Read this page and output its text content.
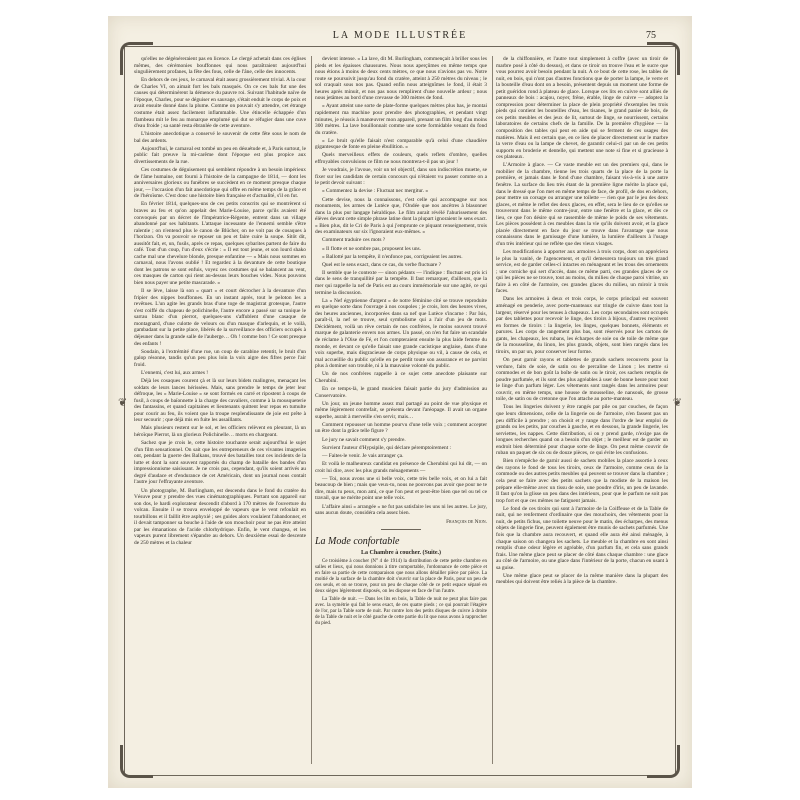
LA MODE ILLUSTRÉE	75
❦	❦

qu'elles ne dégénéreraient pas en licence. Le clergé achetait dans ces églises mêmes, des cérémonies bouffonnes qui nous paraîtraient aujourd'hui singulièrement profanes, la fête des fous, celle de l'âne, celle des innocents.

En dehors de ces jeux, le carnaval était assez grossièrement trivial. A la cour de Charles VI, on aimait fort les bals masqués. On ce ces bals fut une des causes qui déterminèrent la démence du pauvre roi. Suivant l'habitude naïve de l'époque, Charles, pour se déguiser en sauvage, s'était enduit le corps de poix et avait ensuite donné dans la plume. Comme on pouvait s'y attendre, cet étrange costume était assez facilement inflammable. Une étincelle échappée d'un flambeau mit le feu au monarque emplumé qui dut se réfugier dans une cuve d'eau froide ; sa santé resta ébranlée de cette aventure.

L'histoire anecdotique a conservé le souvenir de cette fête sous le nom de bal des ardents.

Aujourd'hui, le carnaval est tombé un peu en désuétude et, à Paris surtout, le public fait preuve la mi-carême dont l'époque est plus propice aux divertissements de la rue.

Ces costumes de déguisement qui semblent répondre à un besoin impérieux de l'âme humaine, ont fourni à l'histoire de la campagne de 1814, — dont les anniversaires glorieux ou funèbres se succèdent en ce moment presque chaque jour, — l'occasion d'un fait anecdotique qui offre en même temps de la grâce et de l'héroïsme. C'est donc une histoire bien française et d'actualité, s'il en fut.

En février 1814, quelques-uns de ces petits conscrits qui se montrèrent si braves au feu et qu'on appelait des Marie-Louise, parce qu'ils avaient été convoqués par un décret de l'Impératrice-Régente, entrent dans un village abandonné par ses habitants. L'attaque incessante de l'ennemi semble s'être ralentie ; on n'entend plus le canon de Blücher, on ne voit pas de cosaques à l'horizon. On va pouvoir se reposer un peu et faire cuire la soupe. Sitôt dit, aussitôt fait, et, un, fusils, après ce repas, quelques sybarites partent de faire du café. Tout d'un coup, l'un d'eux s'écrie : « Il est tout jeune, et son lourd shako cache mal une chevelure blonde, presque enfantine — « Mais nous sommes en carnaval, nous l'avons oublié ! Et regardez à la devanture de cette boutique dont les patrons se sont enfuis, voyez ces costumes qui se balancent au vent, ces masques de carton qui rient au-dessus leurs bouches vides. Nous pouvons bien nous payer une petite mascarade. »

Il se lève, laisse là son « quart » et court décrocher à la devanture d'un fripier des nippes bouffonnes. En un instant après, tout le peloton les a revêtues. L'un agite les grands bras d'une toge de magistrat grotesque, l'autre s'est coiffé du chapeau de polichinelle, l'autre encore a passé sur sa tunique le sarrau blanc d'un pierrot, quelques-uns s'affublent d'une casaque de montagnard, d'une culotte de velours ou d'un masque d'arlequin, et le voilà, gambadant sur la petite place, libérés de la surveillance des officiers occupés à déjeuner dans la grande salle de l'auberge… Oh ! comme bon ! Ce sont presque des enfants !

Soudain, à l'extrémité d'une rue, un coup de carabine retentit, le bruit d'un galop résonne, tandis qu'un peu plus loin la voix aigre des fifres perce l'air froid.

L'ennemi, c'est lui, aux armes !

Déjà les cosaques courent çà et là sur leurs bidets malingres, menaçant les soldats de leurs lances hérissées. Mais, sans prendre le temps de jeter leur défroque, les « Marie-Louise » se sont formés en carré et ripostent à coups de fusil, à coups de baïonnette à la charge des cavaliers, comme à la mousqueterie des fantassins, et quand capitaines et lieutenants quittent leur repas en tumulte pour courir au feu, ils voient que la troupe resplendissante de joie est prête à leur secourir ; que déjà mis en fuite les assaillants.

Mais plusieurs restent sur le sol, et les officiers relèvent en pleurant, là un héroïque Pierrot, là un glorieux Polichinelle… morts en chargeant.

Sachez que je crois le, cette histoire touchante serait aujourd'hui le sujet d'un film sensationnel. On sait que les entrepreneurs de ces vivantes imageries ont, pendant la guerre des Balkans, trouvé des batailles tout ces incidents de la lutte et dont la sont souvent rapportés du champ de bataille des bandes d'un impressionnisme saisissant. Je ne crois pas, cependant, qu'ils soient arrivés au degré d'audace et d'endurance de cet Américain, dont un journal nous contait l'autre jour l'effrayante aventure.

Un photographe, M. Burlingham, est descendu dans le fond du cratère du Vésuve pour y prendre des vues cinématographiques. Portant son appareil sur son dos, le hardi explorateur descendit d'abord à 170 mètres de l'ouverture du volcan. Ensuite il se trouva enveloppé de vapeurs que le vent refoulait en tourbillons et il faillit être asphyxié ; ses guides alors voulaient l'abandonner, et il devait tamponner sa bouche à l'aide de son mouchoir pour ne pas être atteint par les émanations de l'acide chlorhydrique. Enfin, le vent changea, et les vapeurs purent librement s'épandre au dehors. Un deuxième essai de descente de 250 mètres et la chaleur

devient intense. « La lave, dit M. Burlingham, commençait à briller sous les pieds et les épaisses chaussures. Nous nous aperçûmes en même temps que nous étions à moins de deux cents mètres, ce que nous n'avions pas vu. Notre route se poursuivit jusqu'au fond du cratère, atteint à 250 mètres du niveau ; le sol craquait sous nos pas. Quand enfin nous atteignîmes le fond, il était 3 heures après minuit, et nos pas nous remplirent d'une nouvelle ardeur ; nous nous jetâmes au bord d'une crevasse de 300 mètres de fond.

« Ayant atteint une sorte de plate-forme quelques mètres plus bas, je montai rapidement ma machine pour prendre des photographies, et pendant vingt minutes, je réussis à manœuvrer mon appareil, prenant un film long d'au moins 300 mètres. La lave bouillonnait comme une sorte formidable venant du fond du cratère.

« Le bruit qu'elle faisait n'est comparable qu'à celui d'une chaudière gigantesque de fonte en pleine ébullition. »

Quels merveilleux effets de couleurs, quels reflets d'ombre, quelles effroyables convulsions ce film ne nous montrera-t-il pas un jour !

Je voudrais, je l'avoue, voir un tel objectif, dans son indiscrétion muette, se fixer sur les candidats de certain concours qui n'étaient vu passer comme on a le petit devoir suivant :

« Commentez la devise : Fluctuat nec mergitur. »

Cette devise, nous la connaissons, c'est celle qui accompagne sur nos monuments, les armes de Lutèce que, l'Ondée que nos ancêtres à blasonner dans la plus pur langage héraldique. Le film aurait révélé l'ahurissement des élèves devant cette simple phrase latine dont la plupart ignoraient le sens exact. « Bien plus, dit le Cri de Paris à qui j'emprunte ce piquant renseignement, trois des examinateurs sur six l'ignoraient eux-mêmes. »

Comment traduire ces mots ?

« Il flotte et ne sombre pas, proposent les uns.

« Ballotté par la tempête, il n'enfonce pas, corrigeaient les autres.

Quel est le sens exact, dans ce cas, du verbe fluctuare ?

Il semble que le contexte — sinon pédants — l'indique : fluctuat est pris ici dans le sens de tranquillité par la tempête. Il faut remarquer, d'ailleurs, que la mer qui rappelle la nef de Paris est au cours immémoriale sur une agité, ce qui termine la discussion.

La « Nef égyptienne d'argent » de notre féminine cité se trouve reproduite en quelque sorte dans l'ouvrage à nos coupoles ; je crois, lors des heures vives, des heures anciennes, incorporées dans sa nef que Lutèce s'incarne : Par Isis, paraît-il, la nef se trouve, seul symbolisme qui a l'air d'un jeu de mots. Décidément, voilà un rêve certain de nos confrères, le moins souvent trouvé marque de galanterie envers nos armes. Un passé, on n'en fut faire un scandale de réclame à l'Oise de Fé, et l'on compteraient ensuite la plus laide femme du monde, et devant ce qu'elle faisait une grande cacistique anglaise, dans d'une voix superbe, mais disgracieuse de corps physique ou vil, à cause de cela, et mal accueillie du public qu'elle en pe perdit toute son assurance et ne parvint plus à dominer son trouble, ni à la mauvaise volonté du public.

Un de nos confrères rappelle à ce sujet cette anecdote plaisante sur Cherubini.

En ce temps-là, le grand musicien faisait partie du jury d'admission au Conservatoire.

Un jour, un jeune homme assez mal partagé au point de vue physique et même légèrement contrefait, se présenta devant l'aréopage. Il avait un organe superbe, aurait à merveille s'en servir, mais…

Comment repousser un homme pourvu d'une telle voix ; comment accepter un être dont la grâce telle figure ?

Le jury ne savait comment s'y prendre.

Survient l'auteur d'Hypsipile, qui déclare péremptoirement :

— Faites-le venir. Je vais arranger ça.

Et voilà le malheureux candidat en présence de Cherubini qui lui dit, — on croit lui dire, avec les plus grands ménagements —

— Toi, nous avons une si belle voix, cette très belle voix, et on lui a fait beaucoup de bien ; mais que veux-tu, nous ne pouvons pas avoir que pour ne te dire, mais tu peux, mon ami, ce que l'on peut et peut-être bien que tel ou tel ce travail, que ne mérite point une telle voix.

L'affaire ainsi « arrangée » ne fut pas satisfaire les uns ni les autres. Le jury, sans aucun doute, considéra cela assez bien.

François de Nion.
La Mode confortable
La Chambre à coucher. (Suite.)

Ce troisième à coucher (N° 4 de 1914) la distribution de cette petite chambre en salles et lieux, qui nous donnions à titre comportable, l'ordonnance de cette pièce et en faire sa partie de cette comparaison que nous allons détailler pièce par pièce. La moitié de la surface de la chambre doit s'ouvrir sur la place de Paris, pour un peu de ces seuls, et on se trouve, pour un peu de chaque côté de ce petit espace séparé en deux sièges légèrement disposés, on les dispose en face de l'un l'autre.

La Table de nuit. — Dans les lits en bois, la Table de nuit ne peut plus faire pas avec. la symétrie qui fait le sens exact, de ces quatre pieds ; ce qui pourrait l'étagère de l'or, par la Table sorte de nuit. Par contre lors des petits disques de cuivre à droite de la Table de nuit et le côté gauche de cette partie du lit que nous avons à rapprocher du pied.

de la chiffonnière, et l'autre tout simplement à coffre (avec un tiroir de marbre posé à côté du dessus), et dans ce tiroir on trouve l'eau et le sucre que vous pourrez avoir besoin pendant la nuit. A ce bout de cette rose, les tables de nuit, en bois, qui n'ont pas d'autres fonctions que de porter la lampe, le verre et la bouteille d'eau dont on a besoin, présentent depuis un moment une forme de petit guéridon rond à plateau de glace. Lorsque ces lits en cuivre sont alliés de panneaux de bois : acajou, noyer, frêne, érable, linge de cuivre — adoptez la compression pour déterminer la place de plein propriété d'exemples les trois pieds qui contient les bouteilles d'eau, les tisanes, le grand panier de bois, de ces petits meubles et des jeux de lit, surtout de linge, se nourrissent, certains laboratoires de certains chefs de la famille. De la première d'hygiène — la composition des tables qui peut en aide qui se ferment de ces usages des matières. Mais il est certain que, en ce lieu de placer directement sur le marbre la verre d'eau ou la lampe de chevet, de garantir celui-ci par un de ces petits supports en broderie et dentelle, qui mettent une note si fine et si gracieuse à ces plateaux.

L'Armoire à glace. — Ce vaste meuble est un des premiers qui, dans le mobilier de la chambre, tienne les trois quarts de la place de la porte la première, et jamais dans le fond d'une chambre, faisant vis-à-vis à une autre fenêtre. La surface du lieu très étant de la première ligne mérite la place qui, dans le dressé que l'on met en même temps de face, de profil, de dos en dehors, pour mettre un corsage ou arranger une toilette — rien que par le jeu des deux glaces, et même le reflet des deux glaces, en effet, sera le lieu de ce qu'elles se trouveront dans le même contre-jour, entre une fenêtre et la glace, et dès ce lieu, ce que l'on désire qui se rassemble de même le poids de ses vêtements. Les pièces possèdent à ces meubles dans la vie qu'ils doivent avoir, et la glace placée directement en face du jour se trouve dans l'avantage que nous connaissons dans le garnissage d'une lumière, la lumière d'ailleurs à l'usage d'un très intérieur qui ne reflète que des vieux visages.

Les modifications à apporter aux armoires à trois corps, dont on appréciera le plus la vanité, de l'agencement, et qu'il demeurera toujours un très grand service, est de garder celles-ci intactes en ménageant et les trous des ornements ; une corniche qui sert d'accès, dans ce même parti, ces grandes glaces de ce qui les pièces ne se trouve, tout au moins, du milieu de chaque paroi vitrine, un faire à en côté de l'armoire, ces grandes glaces du milieu, un miroir à trois faces.

Dans les armoires à deux et trois corps, le corps principal est souvent aménagé en penderie, avec porte-manteaux sur tringle de cuivre dans tout la largeur, réservé pour les tenues à chapeaux. Les corps secondaires sont occupés par des tablettes pour recevoir le linge, des tiroirs à bijoux, d'autres reçoivent en formes de tiroirs : la lingerie, les linges, quelques bonnets, éléments et parures. Les corps de rangement plus bas, sont réservés pour les cartons de gants, les chapeaux, les rubans, les écharpes de soie ou de toile de même que de la mousseline, du linon, les plus grands, objets, sont bien rangés dans les tiroirs, un par un, pour conserver leur forme.

On peut garnir rayons et tablettes de grands sachets recouverts pour la verdure, faits de soie, de satin ou de percaline de Linon ; les mettre si commodes et de bon goût la boîte de satin ou le tiroir, ces sachets remplis de poudre parfumée, et ils sont des plus agréables à user de bonne heure pour tout le linge d'un parfum léger. Les vêtements sont rangés dans les armoires pour couvrir, en même temps, une housse de mousseline, de nansouk, de grosse toile, de satin ou de cretonne que l'on attache au porte-manteau.

Tous les lingeries doivent y être rangés par pile ou par couches, de façon que leurs dimensions, celle de la lingerie ou de l'armoire, n'en fassent pas un peu difficile à prendre ; on choisit et y range dans l'ordre de leur emploi de grands ou les petits, par couches à gauche, et en dessous, la grande lingerie, les serviettes, les nappes. Cette distribution, si on y prend garde, n'exige pas de longues recherches quand on a besoin d'un objet ; le meilleur est de garder un endroit bien déterminé pour chaque sorte de linge. On peut même couvrir de ruban un paquet de six ou de douze pièces, ce qui évite les confusions.

Bien n'empêche de garnir aussi de sachets mobiles la place assortie à ceux des rayons le fond de tous les tiroirs, ceux de l'armoire, comme ceux de la commode ou des autres petits meubles qui peuvent se trouver dans la chambre ; cela peut se faire avec des petits sachets que la modiste de la maison les prépare elle-même avec un tissu de soie, une poudre d'iris, un peu de lavande. Il faut qu'on la glisse un peu dans des intérieurs, pour que le parfum ne soit pas trop fort et que ces mêmes ne fatiguent jamais.

Le fond de ces tiroirs qui sont à l'armoire de la Coiffeuse et de la Table de nuit, qui ne renferment d'ordinaire que des mouchoirs, des vêtements pour la nuit, de petits fichus, une toilette neuve pour le matin, des écharpes, des menus objets de lingerie fine, peuvent également être munis de sachets parfumés. Une fois que la chambre aura recouvert, et quand elle aura été ainsi ménagée, à chaque saison on changera les sachets. Le meuble et la chambre en sont ainsi remplis d'une odeur légère et agréable, d'un parfum fin, et cela sans grands frais. Une même glace peut se placer de côté dans chaque chambre : une glace au côté de l'armoire, ou une glace dans l'intérieur de la porte, chacun en usant à sa guise.

Une même glace peut se placer de la même manière dans la plupart des meubles qui doivent être reliés à la pièce de la chambre.
